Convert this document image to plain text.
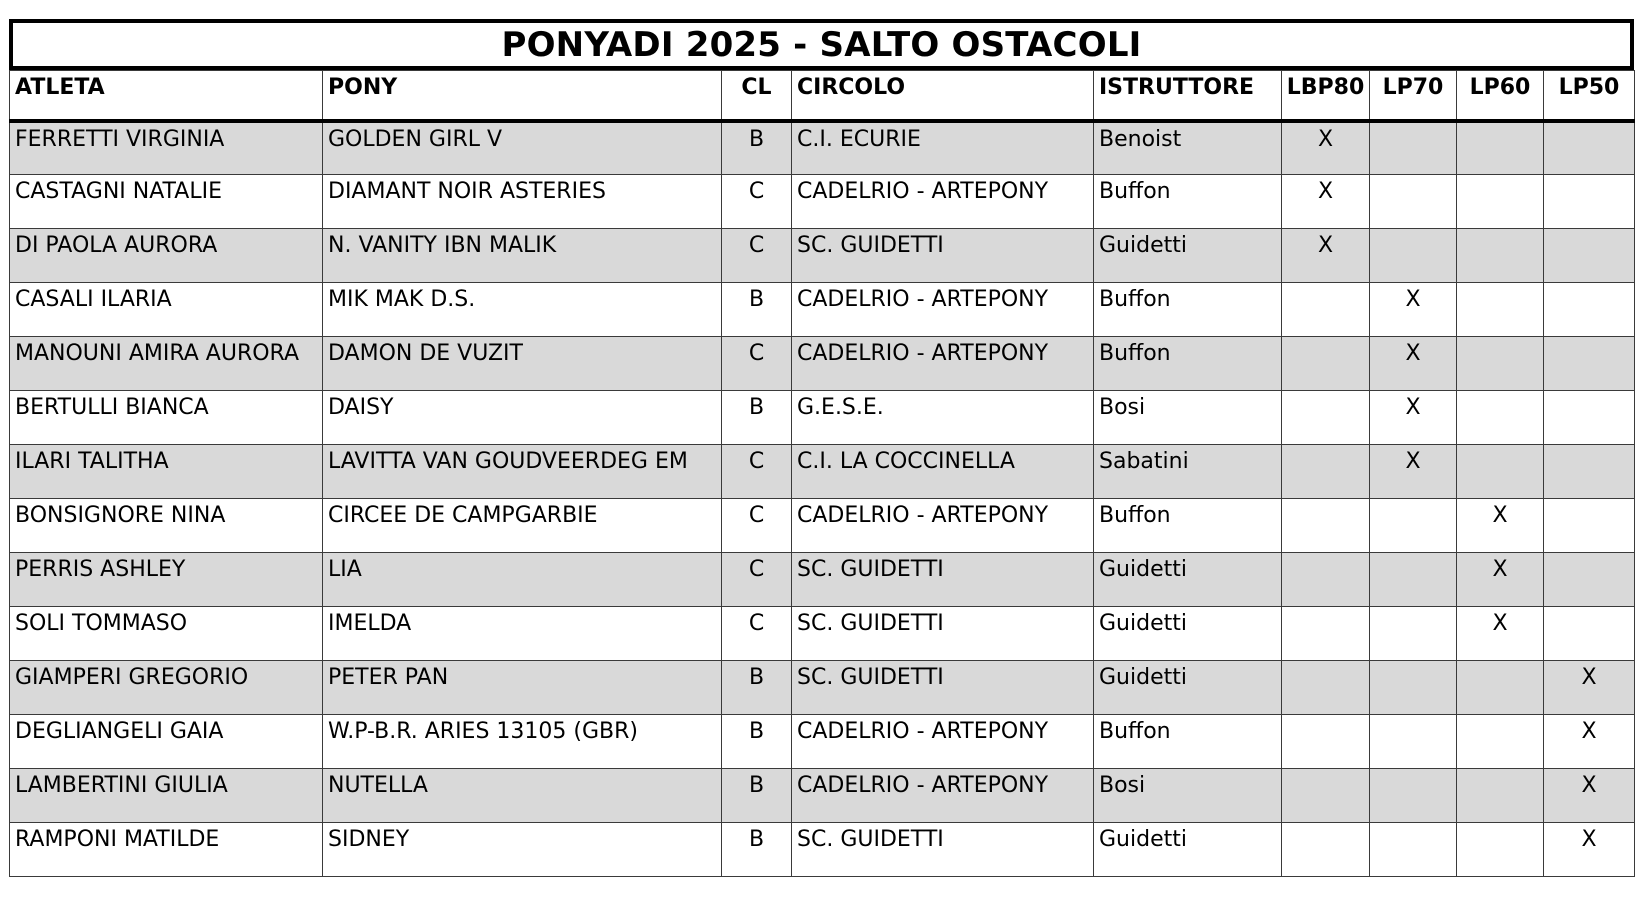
PONYADI 2025 - SALTO OSTACOLI
ATLETA	PONY	CL	CIRCOLO	ISTRUTTORE	LBP80	LP70	LP60	LP50
FERRETTI VIRGINIA	GOLDEN GIRL V	B	C.I. ECURIE	Benoist	X			
CASTAGNI NATALIE	DIAMANT NOIR ASTERIES	C	CADELRIO - ARTEPONY	Buffon	X			
DI PAOLA AURORA	N. VANITY IBN MALIK	C	SC. GUIDETTI	Guidetti	X			
CASALI ILARIA	MIK MAK D.S.	B	CADELRIO - ARTEPONY	Buffon		X		
MANOUNI AMIRA AURORA	DAMON DE VUZIT	C	CADELRIO - ARTEPONY	Buffon		X		
BERTULLI BIANCA	DAISY	B	G.E.S.E.	Bosi		X		
ILARI TALITHA	LAVITTA VAN GOUDVEERDEG EM	C	C.I. LA COCCINELLA	Sabatini		X		
BONSIGNORE NINA	CIRCEE DE CAMPGARBIE	C	CADELRIO - ARTEPONY	Buffon			X	
PERRIS ASHLEY	LIA	C	SC. GUIDETTI	Guidetti			X	
SOLI TOMMASO	IMELDA	C	SC. GUIDETTI	Guidetti			X	
GIAMPERI GREGORIO	PETER PAN	B	SC. GUIDETTI	Guidetti				X
DEGLIANGELI GAIA	W.P-B.R. ARIES 13105 (GBR)	B	CADELRIO - ARTEPONY	Buffon				X
LAMBERTINI GIULIA	NUTELLA	B	CADELRIO - ARTEPONY	Bosi				X
RAMPONI MATILDE	SIDNEY	B	SC. GUIDETTI	Guidetti				X
